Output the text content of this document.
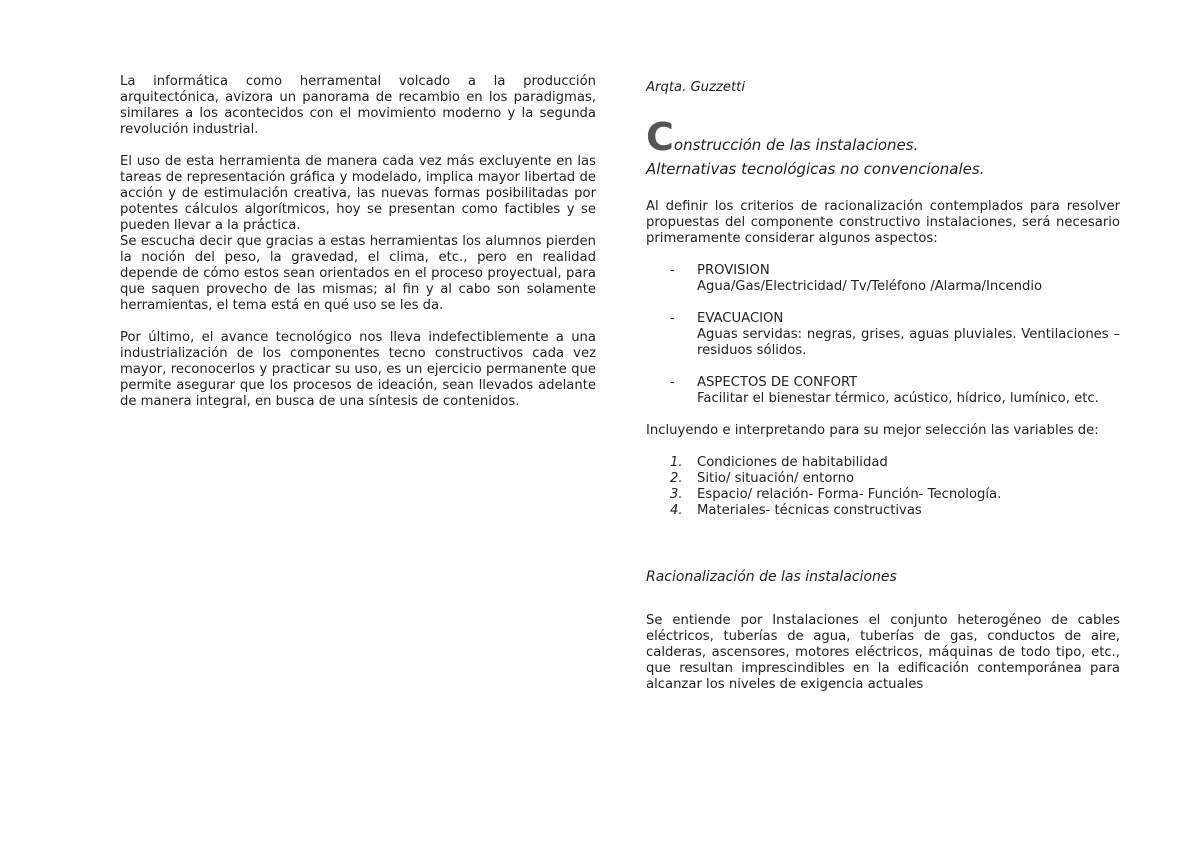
La informática como herramental volcado a la producción arquitectónica, avizora un panorama de recambio en los paradigmas, similares a los acontecidos con el movimiento moderno y la segunda revolución industrial.

El uso de esta herramienta de manera cada vez más excluyente en las tareas de representación gráfica y modelado, implica mayor libertad de acción y de estimulación creativa, las nuevas formas posibilitadas por potentes cálculos algorítmicos, hoy se presentan como factibles y se pueden llevar a la práctica.

Se escucha decir que gracias a estas herramientas los alumnos pierden la noción del peso, la gravedad, el clima, etc., pero en realidad depende de cómo estos sean orientados en el proceso proyectual, para que saquen provecho de las mismas; al fin y al cabo son solamente herramientas, el tema está en qué uso se les da.

Por último, el avance tecnológico nos lleva indefectiblemente a una industrialización de los componentes tecno constructivos cada vez mayor, reconocerlos y practicar su uso, es un ejercicio permanente que permite asegurar que los procesos de ideación, sean llevados adelante de manera integral, en busca de una síntesis de contenidos.

Arqta. Guzzetti

Construcción de las instalaciones.
Alternativas tecnológicas no convencionales.

Al definir los criterios de racionalización contemplados para resolver propuestas del componente constructivo instalaciones, será necesario primeramente considerar algunos aspectos:

- PROVISION
Agua/Gas/Electricidad/ Tv/Teléfono /Alarma/Incendio
- EVACUACION
Aguas servidas: negras, grises, aguas pluviales. Ventilaciones –residuos sólidos.
- ASPECTOS DE CONFORT
Facilitar el bienestar térmico, acústico, hídrico, lumínico, etc.

Incluyendo e interpretando para su mejor selección las variables de:

1. Condiciones de habitabilidad
2. Sitio/ situación/ entorno
3. Espacio/ relación- Forma- Función- Tecnología.
4. Materiales- técnicas constructivas

Racionalización de las instalaciones

Se entiende por Instalaciones el conjunto heterogéneo de cables eléctricos, tuberías de agua, tuberías de gas, conductos de aire, calderas, ascensores, motores eléctricos, máquinas de todo tipo, etc., que resultan imprescindibles en la edificación contemporánea para alcanzar los niveles de exigencia actuales
